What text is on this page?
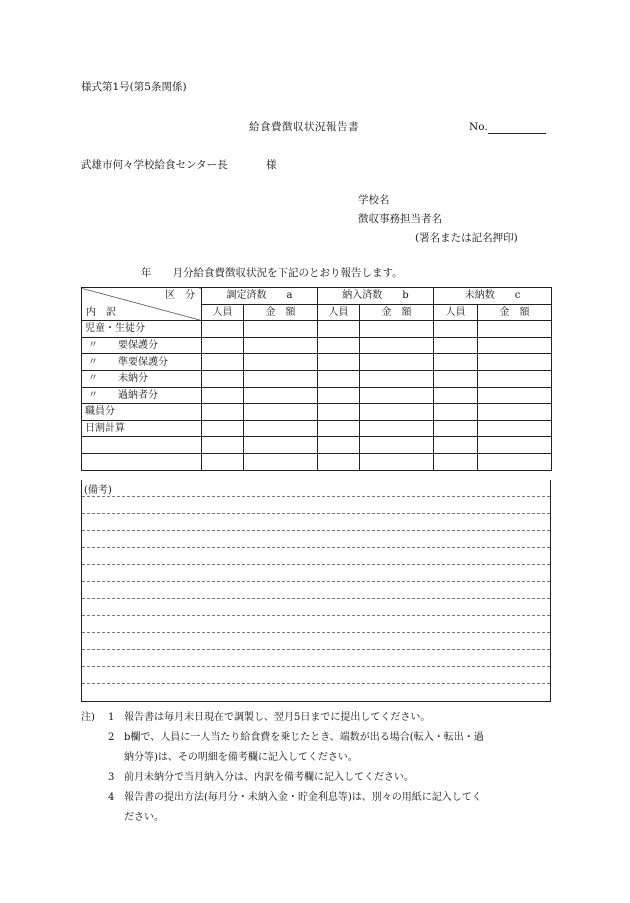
様式第1号(第5条関係)
給食費徴収状況報告書	No.
武雄市何々学校給食センター長	様
学校名
徴収事務担当者名
(署名または記名押印)
年　　月分給食費徴収状況を下記のとおり報告します。
区　分
内　訳	調定済数　　a		納入済数　　b		未納数　　c	
	人員	金　額	人員	金　額	人員	金　額
児童・生徒分						
〃 要保護分						
〃 準要保護分						
〃 未納分						
〃 過納者分						
職員分						
日割計算						

(備考)
注) 1 報告書は毎月末日現在で調製し、翌月5日までに提出してください。
2 b欄で、人員に一人当たり給食費を乗じたとき、端数が出る場合(転入・転出・過
納分等)は、その明細を備考欄に記入してください。
3 前月未納分で当月納入分は、内訳を備考欄に記入してください。
4 報告書の提出方法(毎月分・未納入金・貯金利息等)は、別々の用紙に記入してく
ださい。
